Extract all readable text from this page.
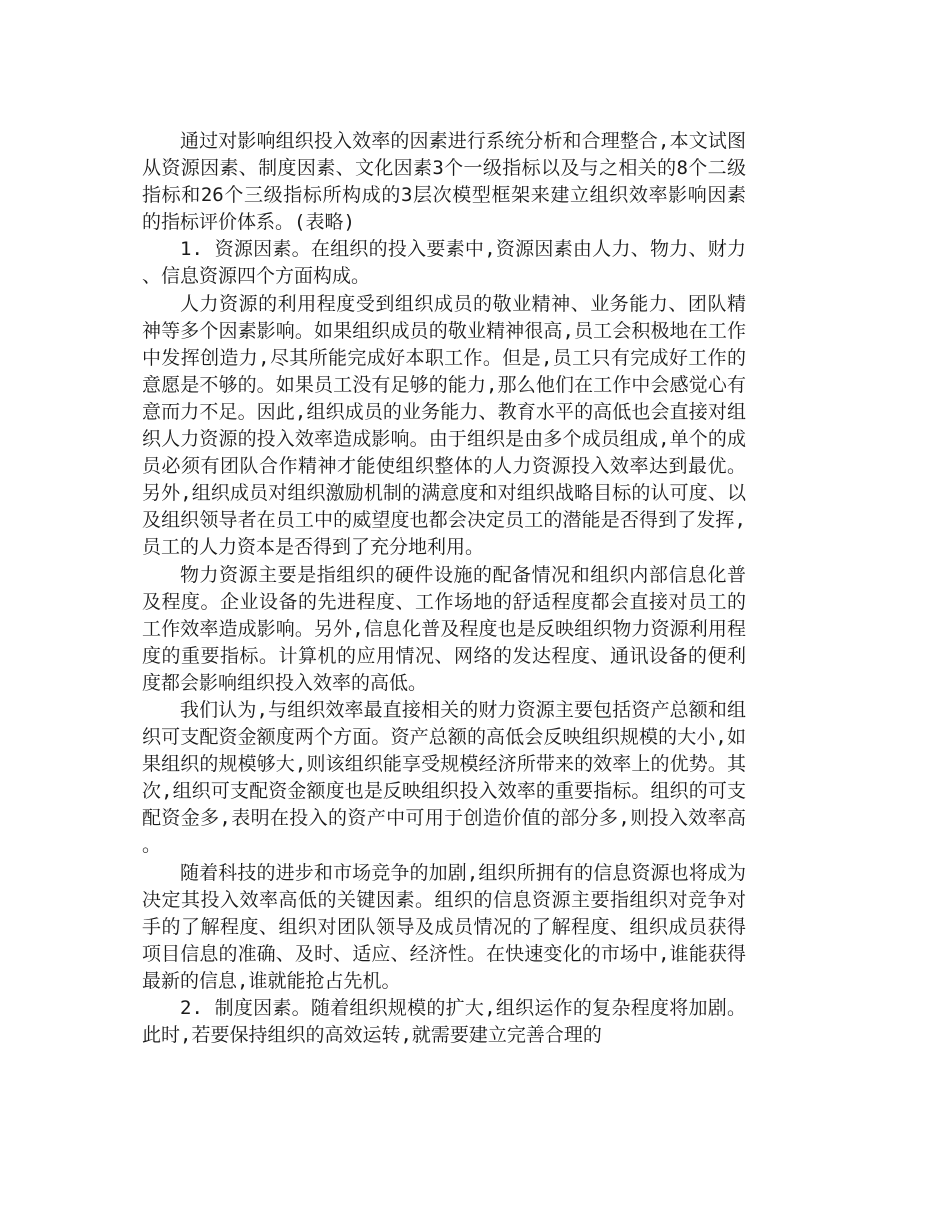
通过对影响组织投入效率的因素进行系统分析和合理整合,本文试图从资源因素、制度因素、文化因素3个一级指标以及与之相关的8个二级指标和26个三级指标所构成的3层次模型框架来建立组织效率影响因素的指标评价体系。(表略)

1. 资源因素。在组织的投入要素中,资源因素由人力、物力、财力、信息资源四个方面构成。

人力资源的利用程度受到组织成员的敬业精神、业务能力、团队精神等多个因素影响。如果组织成员的敬业精神很高,员工会积极地在工作中发挥创造力,尽其所能完成好本职工作。但是,员工只有完成好工作的意愿是不够的。如果员工没有足够的能力,那么他们在工作中会感觉心有意而力不足。因此,组织成员的业务能力、教育水平的高低也会直接对组织人力资源的投入效率造成影响。由于组织是由多个成员组成,单个的成员必须有团队合作精神才能使组织整体的人力资源投入效率达到最优。另外,组织成员对组织激励机制的满意度和对组织战略目标的认可度、以及组织领导者在员工中的威望度也都会决定员工的潜能是否得到了发挥,员工的人力资本是否得到了充分地利用。

物力资源主要是指组织的硬件设施的配备情况和组织内部信息化普及程度。企业设备的先进程度、工作场地的舒适程度都会直接对员工的工作效率造成影响。另外,信息化普及程度也是反映组织物力资源利用程度的重要指标。计算机的应用情况、网络的发达程度、通讯设备的便利度都会影响组织投入效率的高低。

我们认为,与组织效率最直接相关的财力资源主要包括资产总额和组织可支配资金额度两个方面。资产总额的高低会反映组织规模的大小,如果组织的规模够大,则该组织能享受规模经济所带来的效率上的优势。其次,组织可支配资金额度也是反映组织投入效率的重要指标。组织的可支配资金多,表明在投入的资产中可用于创造价值的部分多,则投入效率高。

随着科技的进步和市场竞争的加剧,组织所拥有的信息资源也将成为决定其投入效率高低的关键因素。组织的信息资源主要指组织对竞争对手的了解程度、组织对团队领导及成员情况的了解程度、组织成员获得项目信息的准确、及时、适应、经济性。在快速变化的市场中,谁能获得最新的信息,谁就能抢占先机。

2. 制度因素。随着组织规模的扩大,组织运作的复杂程度将加剧。此时,若要保持组织的高效运转,就需要建立完善合理的
